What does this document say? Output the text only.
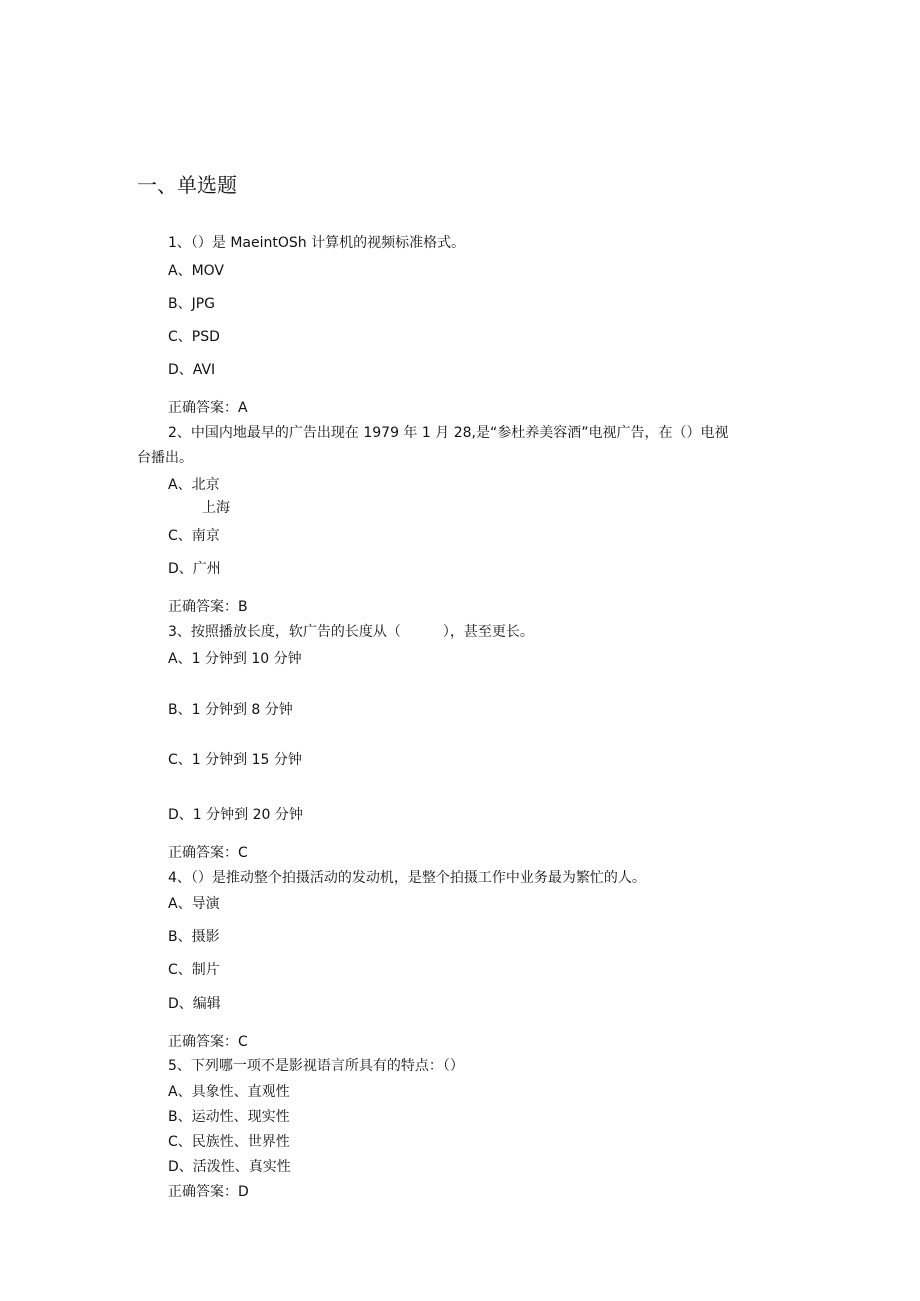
一、单选题
1、（）是 MaeintOSh 计算机的视频标准格式。
A、MOV
B、JPG
C、PSD
D、AVI
正确答案：A
2、中国内地最早的广告出现在 1979 年 1 月 28,是“参杜养美容酒”电视广告，在（）电视
台播出。
A、北京
上海
C、南京
D、广州
正确答案：B
3、按照播放长度，软广告的长度从（　　　），甚至更长。
A、1 分钟到 10 分钟
B、1 分钟到 8 分钟
C、1 分钟到 15 分钟
D、1 分钟到 20 分钟
正确答案：C
4、（）是推动整个拍摄活动的发动机，是整个拍摄工作中业务最为繁忙的人。
A、导演
B、摄影
C、制片
D、编辑
正确答案：C
5、下列哪一项不是影视语言所具有的特点：（）
A、具象性、直观性
B、运动性、现实性
C、民族性、世界性
D、活泼性、真实性
正确答案：D
